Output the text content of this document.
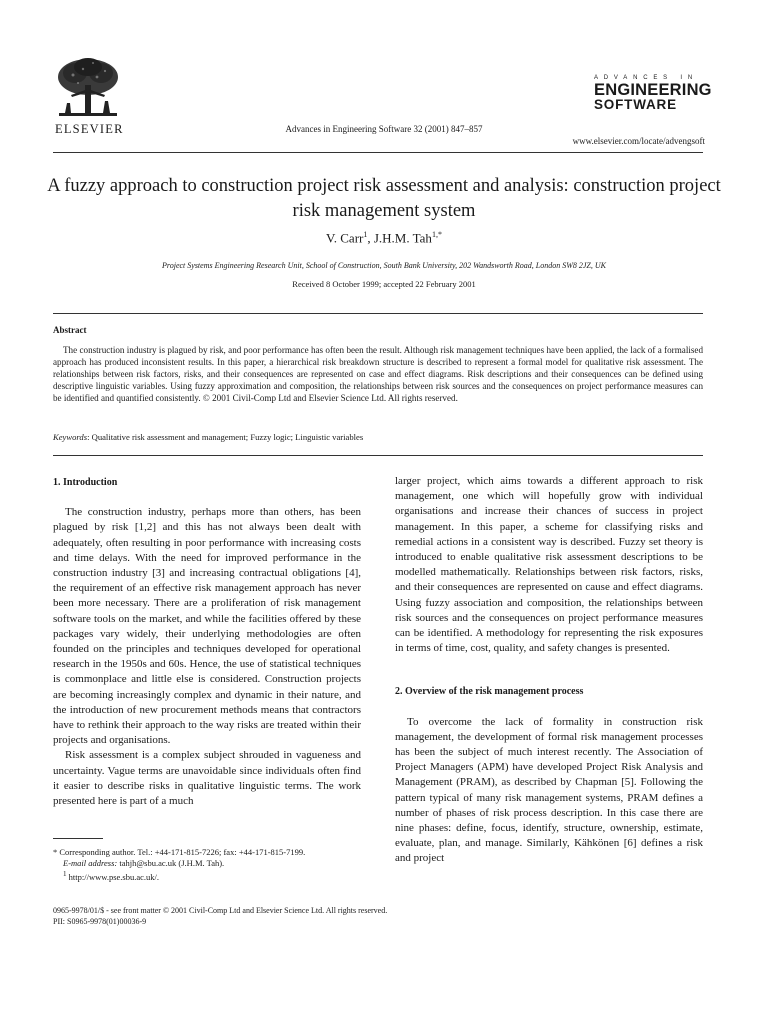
ELSEVIER	Advances in Engineering Software 32 (2001) 847–857
ADVANCES IN
ENGINEERING
SOFTWARE
www.elsevier.com/locate/advengsoft
A fuzzy approach to construction project risk assessment and analysis: construction project risk management system
V. Carr$^1$, J.H.M. Tah$^{1,*}$
Project Systems Engineering Research Unit, School of Construction, South Bank University, 202 Wandsworth Road, London SW8 2JZ, UK
Received 8 October 1999; accepted 22 February 2001
Abstract

The construction industry is plagued by risk, and poor performance has often been the result. Although risk management techniques have been applied, the lack of a formalised approach has produced inconsistent results. In this paper, a hierarchical risk breakdown structure is described to represent a formal model for qualitative risk assessment. The relationships between risk factors, risks, and their consequences are represented on case and effect diagrams. Risk descriptions and their consequences can be defined using descriptive linguistic variables. Using fuzzy approximation and composition, the relationships between risk sources and the consequences on project performance measures can be identified and quantified consistently. © 2001 Civil-Comp Ltd and Elsevier Science Ltd. All rights reserved.

Keywords: Qualitative risk assessment and management; Fuzzy logic; Linguistic variables
1. Introduction

The construction industry, perhaps more than others, has been plagued by risk [1,2] and this has not always been dealt with adequately, often resulting in poor performance with increasing costs and time delays. With the need for improved performance in the construction industry [3] and increasing contractual obligations [4], the requirement of an effective risk management approach has never been more necessary. There are a proliferation of risk management software tools on the market, and while the facilities offered by these packages vary widely, their underlying methodologies are often founded on the principles and techniques developed for operational research in the 1950s and 60s. Hence, the use of statistical techniques is commonplace and little else is considered. Construction projects are becoming increasingly complex and dynamic in their nature, and the introduction of new procurement methods means that contractors have to rethink their approach to the way risks are treated within their projects and organisations.

Risk assessment is a complex subject shrouded in vagueness and uncertainty. Vague terms are unavoidable since individuals often find it easier to describe risks in qualitative linguistic terms. The work presented here is part of a much

larger project, which aims towards a different approach to risk management, one which will hopefully grow with individual organisations and increase their chances of success in project management. In this paper, a scheme for classifying risks and remedial actions in a consistent way is described. Fuzzy set theory is introduced to enable qualitative risk assessment descriptions to be modelled mathematically. Relationships between risk factors, risks, and their consequences are represented on cause and effect diagrams. Using fuzzy association and composition, the relationships between risk sources and the consequences on project performance measures can be identified. A methodology for representing the risk exposures in terms of time, cost, quality, and safety changes is presented.

2. Overview of the risk management process

To overcome the lack of formality in construction risk management, the development of formal risk management processes has been the subject of much interest recently. The Association of Project Managers (APM) have developed Project Risk Analysis and Management (PRAM), as described by Chapman [5]. Following the pattern typical of many risk management systems, PRAM defines a number of phases of risk process description. In this case there are nine phases: define, focus, identify, structure, ownership, estimate, evaluate, plan, and manage. Similarly, Kähkönen [6] defines a risk and project

* Corresponding author. Tel.: +44-171-815-7226; fax: +44-171-815-7199.

E-mail address: tahjh@sbu.ac.uk (J.H.M. Tah).

$^1$ http://www.pse.sbu.ac.uk/.

0965-9978/01/$ - see front matter © 2001 Civil-Comp Ltd and Elsevier Science Ltd. All rights reserved.

PII: S0965-9978(01)00036-9
